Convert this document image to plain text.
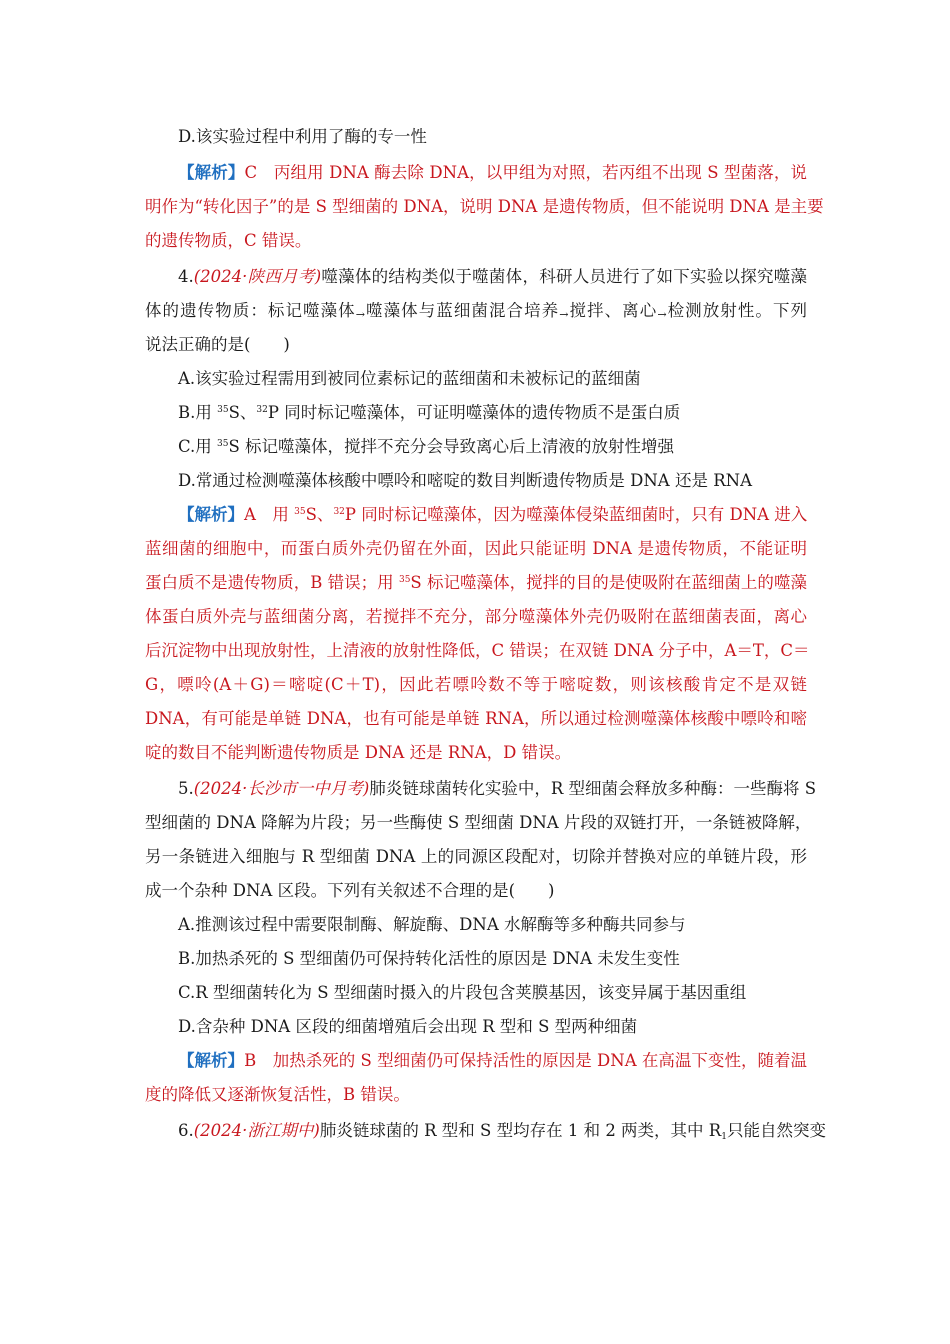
D.该实验过程中利用了酶的专一性
【解析】C　丙组用 DNA 酶去除 DNA，以甲组为对照，若丙组不出现 S 型菌落，说
明作为“转化因子”的是 S 型细菌的 DNA，说明 DNA 是遗传物质，但不能说明 DNA 是主要
的遗传物质，C 错误。
4.(2024·陕西月考)噬藻体的结构类似于噬菌体，科研人员进行了如下实验以探究噬藻
体的遗传物质：标记噬藻体→噬藻体与蓝细菌混合培养→搅拌、离心→检测放射性。下列
说法正确的是(　　)
A.该实验过程需用到被同位素标记的蓝细菌和未被标记的蓝细菌
B.用 $^{35}$S、$^{32}$P 同时标记噬藻体，可证明噬藻体的遗传物质不是蛋白质
C.用 $^{35}$S 标记噬藻体，搅拌不充分会导致离心后上清液的放射性增强
D.常通过检测噬藻体核酸中嘌呤和嘧啶的数目判断遗传物质是 DNA 还是 RNA
【解析】A　用 $^{35}$S、$^{32}$P 同时标记噬藻体，因为噬藻体侵染蓝细菌时，只有 DNA 进入
蓝细菌的细胞中，而蛋白质外壳仍留在外面，因此只能证明 DNA 是遗传物质，不能证明
蛋白质不是遗传物质，B 错误；用 $^{35}$S 标记噬藻体，搅拌的目的是使吸附在蓝细菌上的噬藻
体蛋白质外壳与蓝细菌分离，若搅拌不充分，部分噬藻体外壳仍吸附在蓝细菌表面，离心
后沉淀物中出现放射性，上清液的放射性降低，C 错误；在双链 DNA 分子中，A＝T，C＝
G，嘌呤(A＋G)＝嘧啶(C＋T)，因此若嘌呤数不等于嘧啶数，则该核酸肯定不是双链
DNA，有可能是单链 DNA，也有可能是单链 RNA，所以通过检测噬藻体核酸中嘌呤和嘧
啶的数目不能判断遗传物质是 DNA 还是 RNA，D 错误。
5.(2024·长沙市一中月考)肺炎链球菌转化实验中，R 型细菌会释放多种酶：一些酶将 S
型细菌的 DNA 降解为片段；另一些酶使 S 型细菌 DNA 片段的双链打开，一条链被降解，
另一条链进入细胞与 R 型细菌 DNA 上的同源区段配对，切除并替换对应的单链片段，形
成一个杂种 DNA 区段。下列有关叙述不合理的是(　　)
A.推测该过程中需要限制酶、解旋酶、DNA 水解酶等多种酶共同参与
B.加热杀死的 S 型细菌仍可保持转化活性的原因是 DNA 未发生变性
C.R 型细菌转化为 S 型细菌时摄入的片段包含荚膜基因，该变异属于基因重组
D.含杂种 DNA 区段的细菌增殖后会出现 R 型和 S 型两种细菌
【解析】B　加热杀死的 S 型细菌仍可保持活性的原因是 DNA 在高温下变性，随着温
度的降低又逐渐恢复活性，B 错误。
6.(2024·浙江期中)肺炎链球菌的 R 型和 S 型均存在 1 和 2 两类，其中 $R_1$只能自然突变
